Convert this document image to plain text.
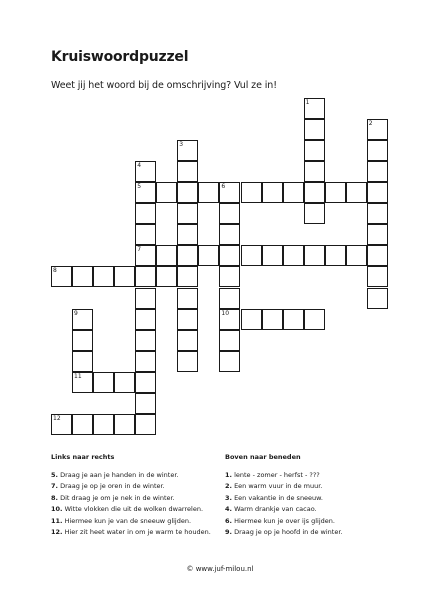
Kruiswoordpuzzel
Weet jij het woord bij de omschrijving? Vul ze in!
1
2
3
4
5
7
6
10
8
9
11
12
Links naar rechts
5. Draag je aan je handen in de winter.
7. Draag je op je oren in de winter.
8. Dit draag je om je nek in de winter.
10. Witte vlokken die uit de wolken dwarrelen.
11. Hiermee kun je van de sneeuw glijden.
12. Hier zit heet water in om je warm te houden.
Boven naar beneden
1. lente - zomer - herfst - ???
2. Een warm vuur in de muur.
3. Een vakantie in de sneeuw.
4. Warm drankje van cacao.
6. Hiermee kun je over ijs glijden.
9. Draag je op je hoofd in de winter.
© www.juf-milou.nl
